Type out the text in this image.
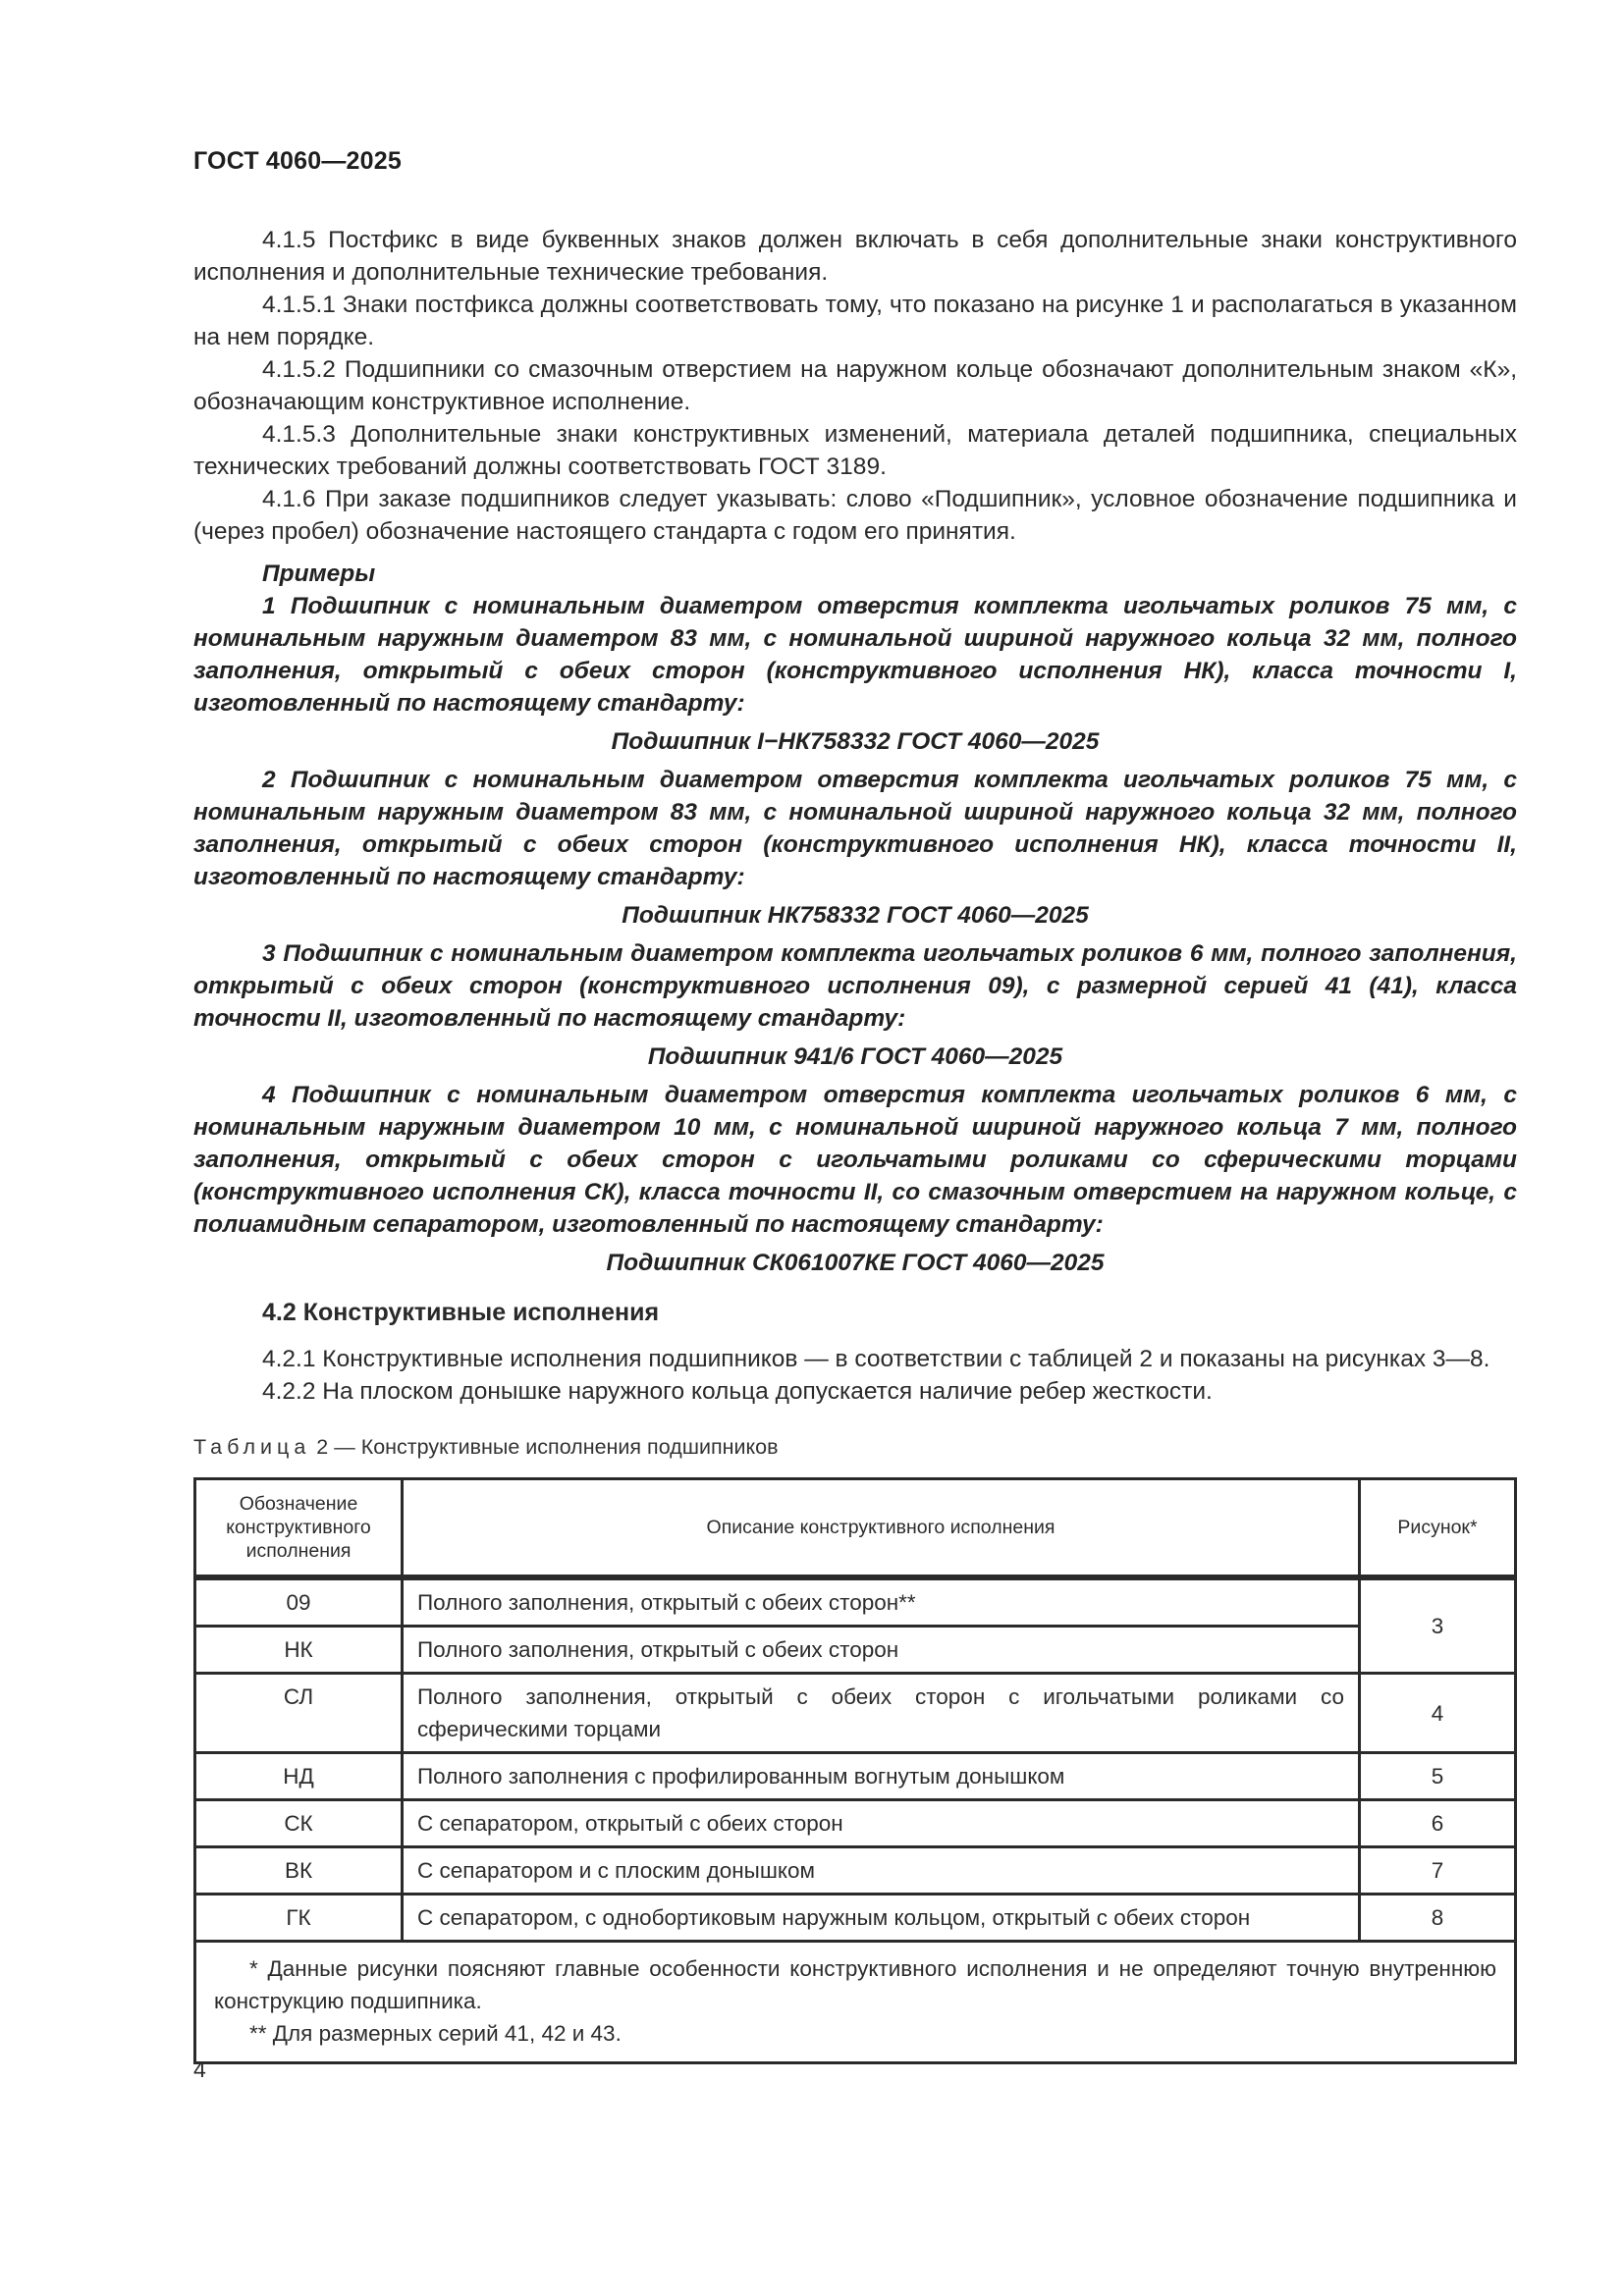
ГОСТ 4060—2025

4.1.5 Постфикс в виде буквенных знаков должен включать в себя дополнительные знаки конструктивного исполнения и дополнительные технические требования.

4.1.5.1 Знаки постфикса должны соответствовать тому, что показано на рисунке 1 и располагаться в указанном на нем порядке.

4.1.5.2 Подшипники со смазочным отверстием на наружном кольце обозначают дополнительным знаком «К», обозначающим конструктивное исполнение.

4.1.5.3 Дополнительные знаки конструктивных изменений, материала деталей подшипника, специальных технических требований должны соответствовать ГОСТ 3189.

4.1.6 При заказе подшипников следует указывать: слово «Подшипник», условное обозначение подшипника и (через пробел) обозначение настоящего стандарта с годом его принятия.

Примеры

1 Подшипник с номинальным диаметром отверстия комплекта игольчатых роликов 75 мм, с номинальным наружным диаметром 83 мм, с номинальной шириной наружного кольца 32 мм, полного заполнения, открытый с обеих сторон (конструктивного исполнения НК), класса точности I, изготовленный по настоящему стандарту:

Подшипник I−НК758332 ГОСТ 4060—2025

2 Подшипник с номинальным диаметром отверстия комплекта игольчатых роликов 75 мм, с номинальным наружным диаметром 83 мм, с номинальной шириной наружного кольца 32 мм, полного заполнения, открытый с обеих сторон (конструктивного исполнения НК), класса точности II, изготовленный по настоящему стандарту:

Подшипник НК758332 ГОСТ 4060—2025

3 Подшипник с номинальным диаметром комплекта игольчатых роликов 6 мм, полного заполнения, открытый с обеих сторон (конструктивного исполнения 09), с размерной серией 41 (41), класса точности II, изготовленный по настоящему стандарту:

Подшипник 941/6 ГОСТ 4060—2025

4 Подшипник с номинальным диаметром отверстия комплекта игольчатых роликов 6 мм, с номинальным наружным диаметром 10 мм, с номинальной шириной наружного кольца 7 мм, полного заполнения, открытый с обеих сторон с игольчатыми роликами со сферическими торцами (конструктивного исполнения СК), класса точности II, со смазочным отверстием на наружном кольце, с полиамидным сепаратором, изготовленный по настоящему стандарту:

Подшипник СК061007КЕ ГОСТ 4060—2025

4.2 Конструктивные исполнения

4.2.1 Конструктивные исполнения подшипников — в соответствии с таблицей 2 и показаны на рисунках 3—8.

4.2.2 На плоском донышке наружного кольца допускается наличие ребер жесткости.

Таблица 2 — Конструктивные исполнения подшипников

Обозначение конструктивного исполнения	Описание конструктивного исполнения	Рисунок*

09	Полного заполнения, открытый с обеих сторон**	3
НК	Полного заполнения, открытый с обеих сторон	
СЛ	Полного заполнения, открытый с обеих сторон с игольчатыми роликами со сферическими торцами	4
НД	Полного заполнения с профилированным вогнутым донышком	5
СК	С сепаратором, открытый с обеих сторон	6
ВК	С сепаратором и с плоским донышком	7
ГК	С сепаратором, с однобортиковым наружным кольцом, открытый с обеих сторон	8

* Данные рисунки поясняют главные особенности конструктивного исполнения и не определяют точную внутреннюю конструкцию подшипника.
** Для размерных серий 41, 42 и 43.		
4
